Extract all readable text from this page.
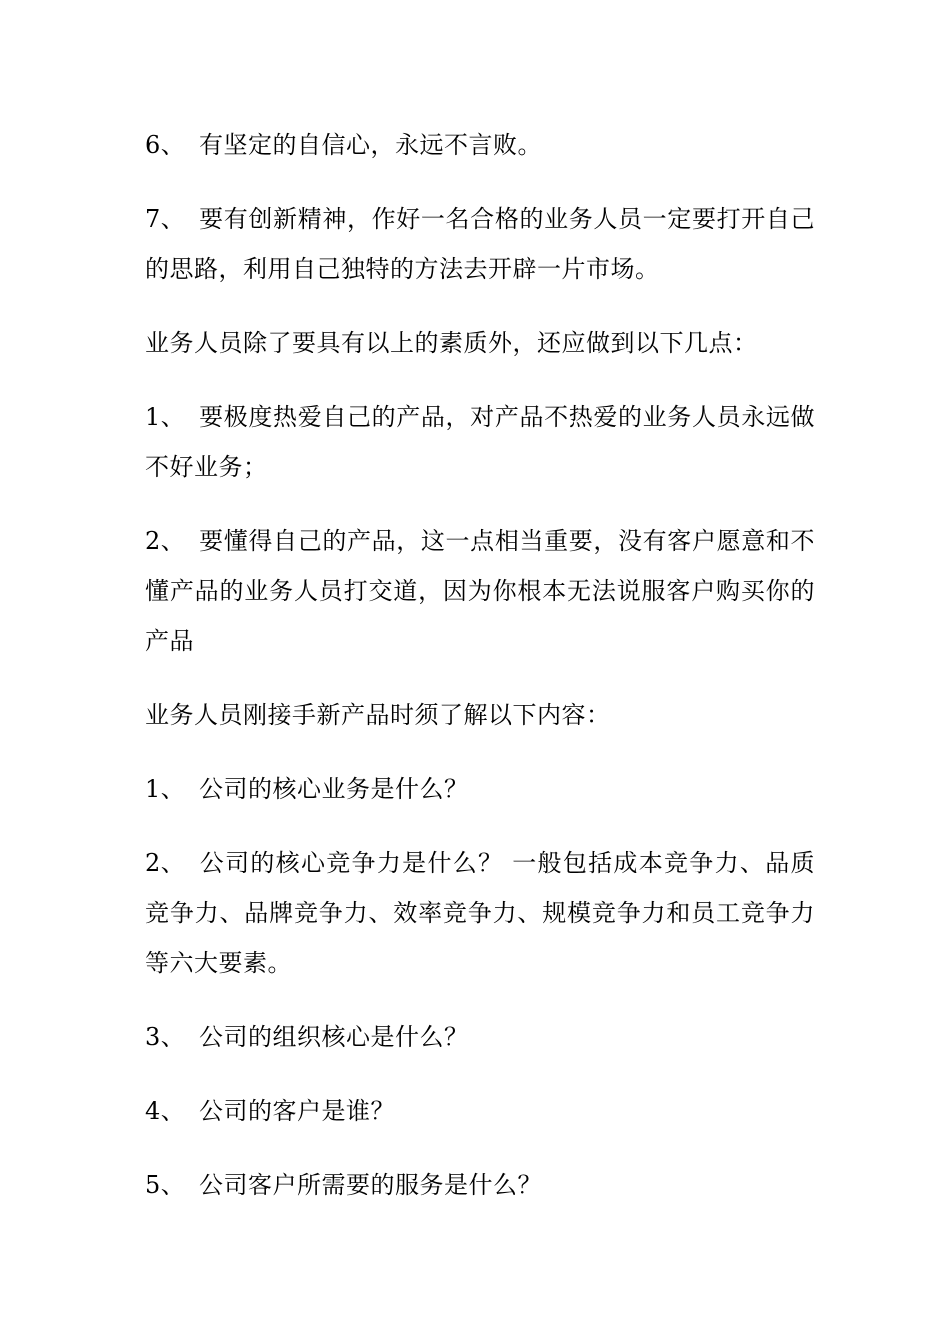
6、 有坚定的自信心，永远不言败。

7、 要有创新精神，作好一名合格的业务人员一定要打开自己的思路，利用自己独特的方法去开辟一片市场。

业务人员除了要具有以上的素质外，还应做到以下几点：

1、 要极度热爱自己的产品，对产品不热爱的业务人员永远做不好业务；

2、 要懂得自己的产品，这一点相当重要，没有客户愿意和不懂产品的业务人员打交道，因为你根本无法说服客户购买你的产品

业务人员刚接手新产品时须了解以下内容：

1、 公司的核心业务是什么？

2、 公司的核心竞争力是什么？ 一般包括成本竞争力、品质竞争力、品牌竞争力、效率竞争力、规模竞争力和员工竞争力等六大要素。

3、 公司的组织核心是什么？

4、 公司的客户是谁？

5、 公司客户所需要的服务是什么？
